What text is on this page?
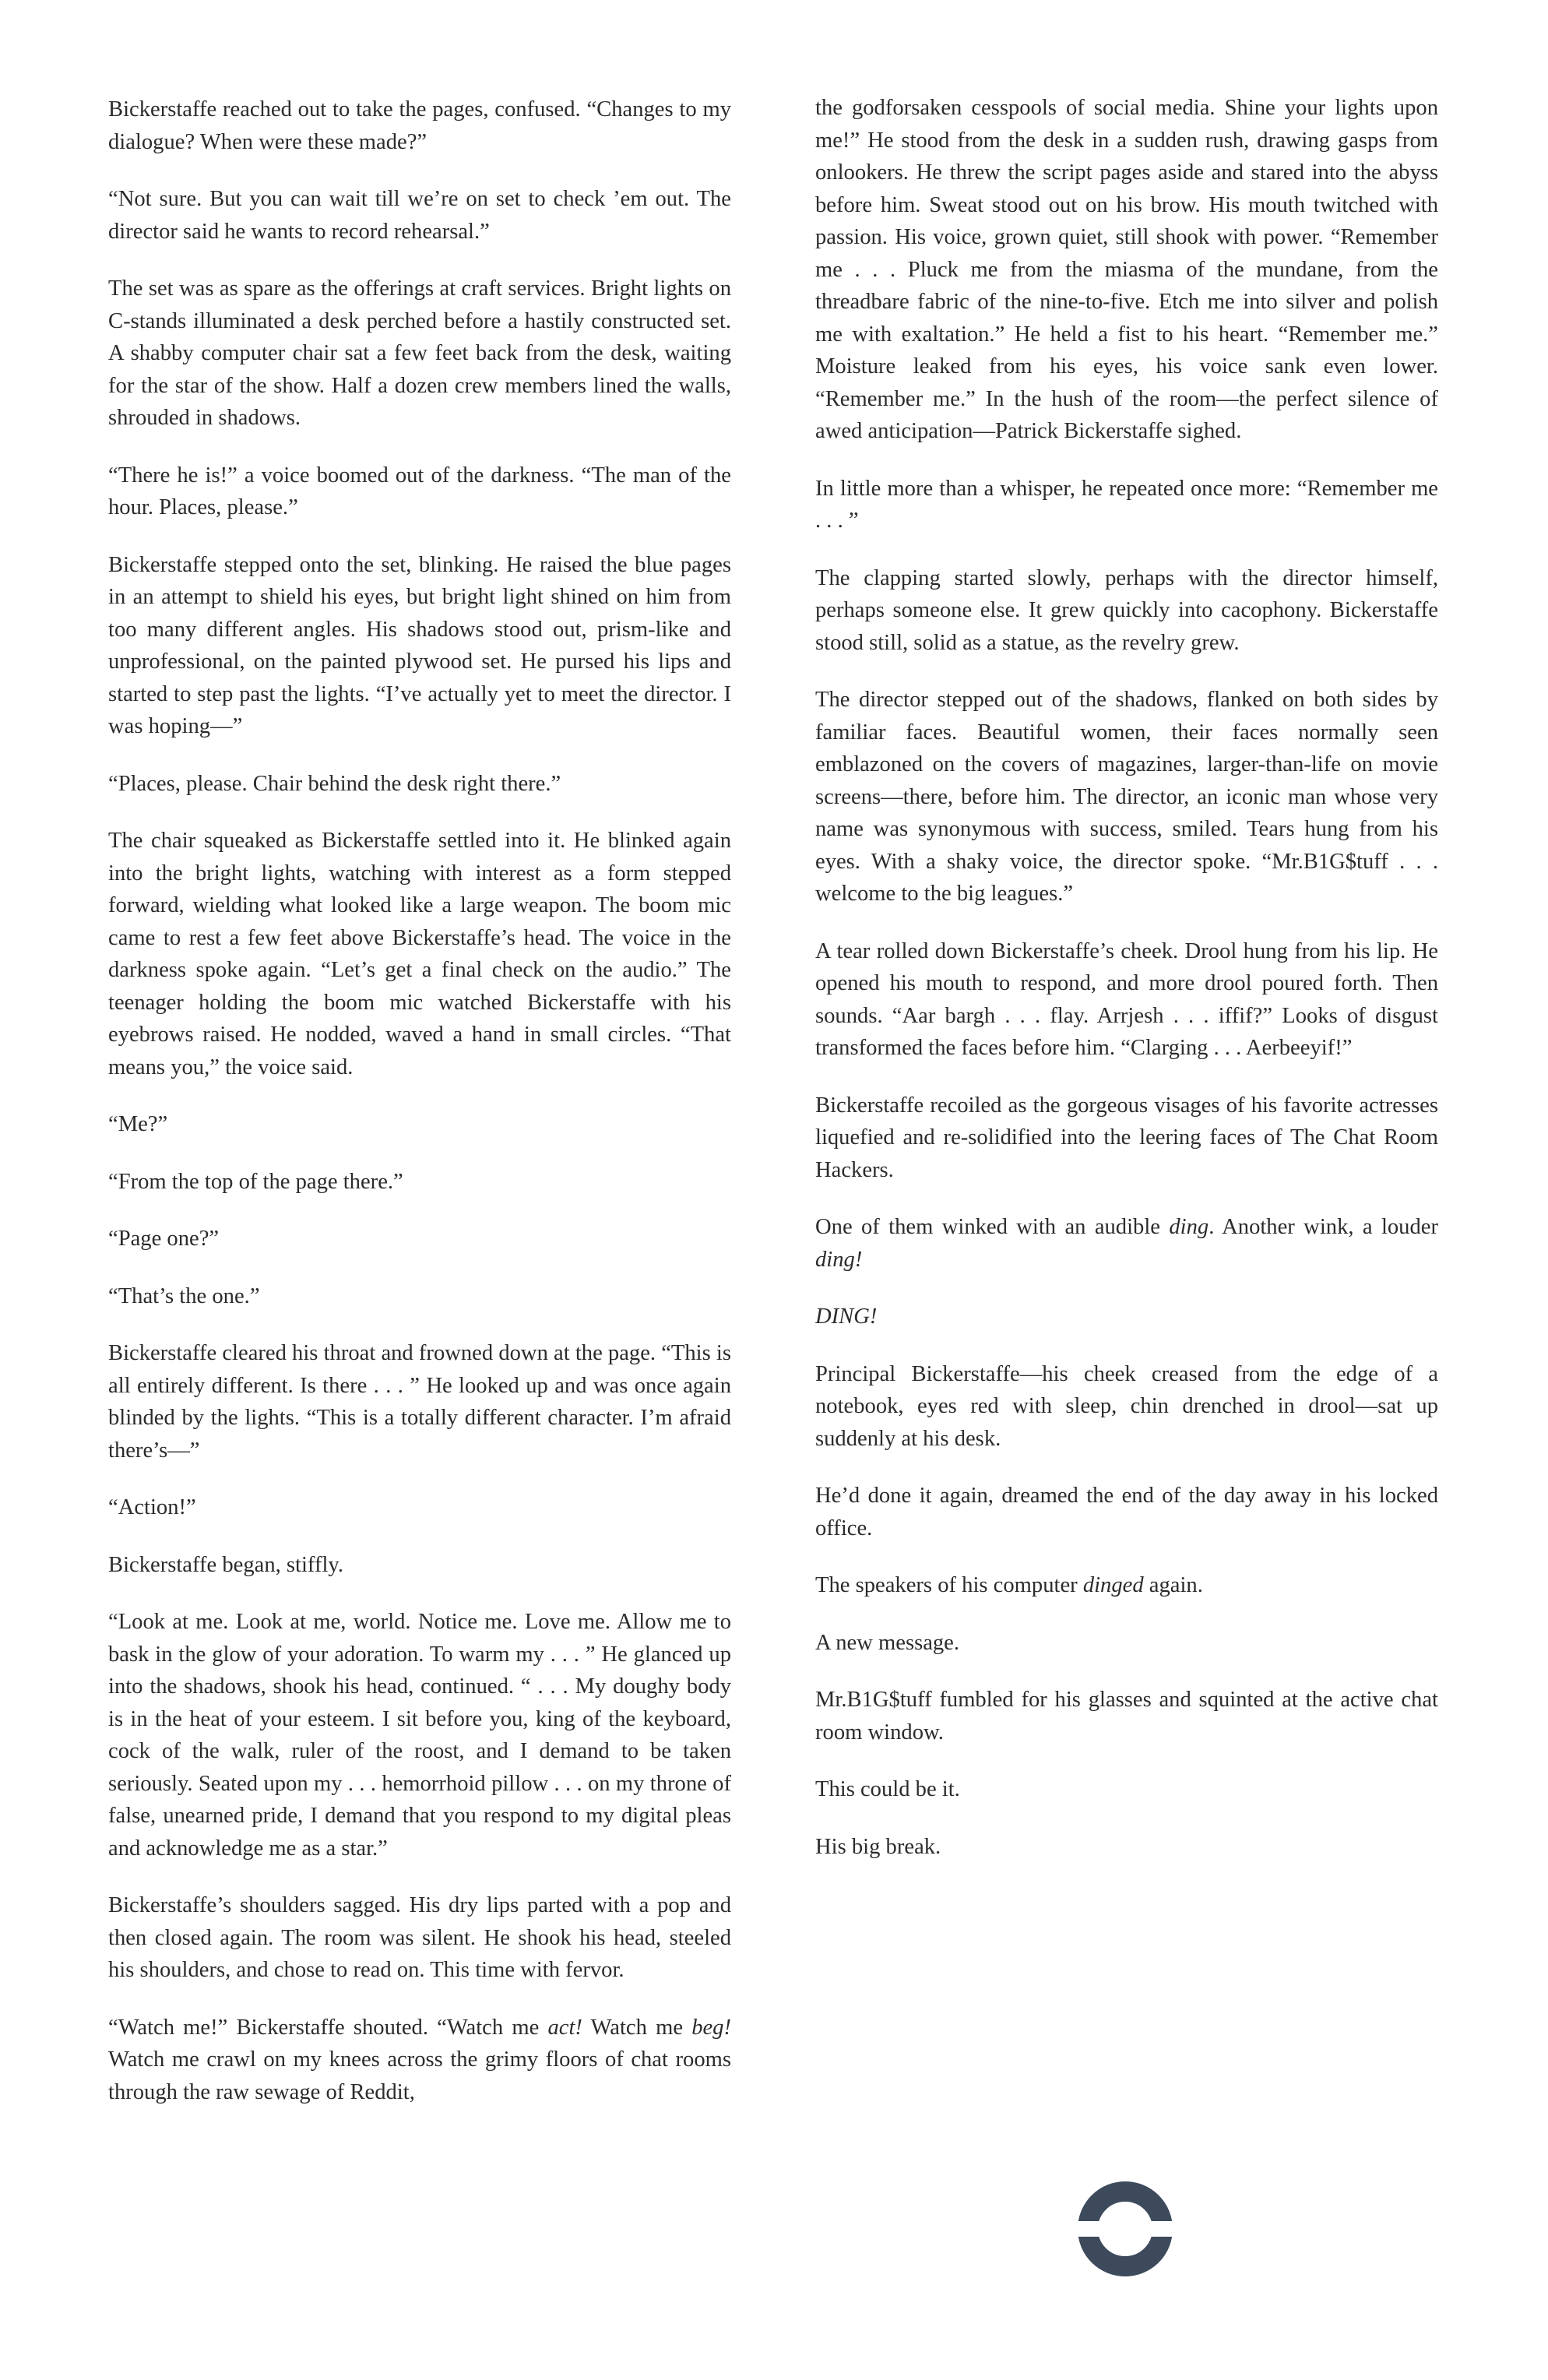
Bickerstaffe reached out to take the pages, confused. “Changes to my dialogue? When were these made?”

“Not sure. But you can wait till we’re on set to check ’em out. The director said he wants to record rehearsal.”

The set was as spare as the offerings at craft services. Bright lights on C-stands illuminated a desk perched before a hastily constructed set. A shabby computer chair sat a few feet back from the desk, waiting for the star of the show. Half a dozen crew members lined the walls, shrouded in shadows.

“There he is!” a voice boomed out of the darkness. “The man of the hour. Places, please.”

Bickerstaffe stepped onto the set, blinking. He raised the blue pages in an attempt to shield his eyes, but bright light shined on him from too many different angles. His shadows stood out, prism-like and unprofessional, on the painted plywood set. He pursed his lips and started to step past the lights. “I’ve actually yet to meet the director. I was hoping—”

“Places, please. Chair behind the desk right there.”

The chair squeaked as Bickerstaffe settled into it. He blinked again into the bright lights, watching with interest as a form stepped forward, wielding what looked like a large weapon. The boom mic came to rest a few feet above Bickerstaffe’s head. The voice in the darkness spoke again. “Let’s get a final check on the audio.” The teenager holding the boom mic watched Bickerstaffe with his eyebrows raised. He nodded, waved a hand in small circles. “That means you,” the voice said.

“Me?”

“From the top of the page there.”

“Page one?”

“That’s the one.”

Bickerstaffe cleared his throat and frowned down at the page. “This is all entirely different. Is there . . . ” He looked up and was once again blinded by the lights. “This is a totally different character. I’m afraid there’s—”

“Action!”

Bickerstaffe began, stiffly.

“Look at me. Look at me, world. Notice me. Love me. Allow me to bask in the glow of your adoration. To warm my . . . ” He glanced up into the shadows, shook his head, continued. “ . . . My doughy body is in the heat of your esteem. I sit before you, king of the keyboard, cock of the walk, ruler of the roost, and I demand to be taken seriously. Seated upon my . . . hemorrhoid pillow . . . on my throne of false, unearned pride, I demand that you respond to my digital pleas and acknowledge me as a star.”

Bickerstaffe’s shoulders sagged. His dry lips parted with a pop and then closed again. The room was silent. He shook his head, steeled his shoulders, and chose to read on. This time with fervor.

“Watch me!” Bickerstaffe shouted. “Watch me act! Watch me beg! Watch me crawl on my knees across the grimy floors of chat rooms through the raw sewage of Reddit,

the godforsaken cesspools of social media. Shine your lights upon me!” He stood from the desk in a sudden rush, drawing gasps from onlookers. He threw the script pages aside and stared into the abyss before him. Sweat stood out on his brow. His mouth twitched with passion. His voice, grown quiet, still shook with power. “Remember me . . . Pluck me from the miasma of the mundane, from the threadbare fabric of the nine-to-five. Etch me into silver and polish me with exaltation.” He held a fist to his heart. “Remember me.” Moisture leaked from his eyes, his voice sank even lower. “Remember me.” In the hush of the room—the perfect silence of awed anticipation—Patrick Bickerstaffe sighed.

In little more than a whisper, he repeated once more: “Remember me . . . ”

The clapping started slowly, perhaps with the director himself, perhaps someone else. It grew quickly into cacophony. Bickerstaffe stood still, solid as a statue, as the revelry grew.

The director stepped out of the shadows, flanked on both sides by familiar faces. Beautiful women, their faces normally seen emblazoned on the covers of magazines, larger-than-life on movie screens—there, before him. The director, an iconic man whose very name was synonymous with success, smiled. Tears hung from his eyes. With a shaky voice, the director spoke. “Mr.B1G$tuff . . . welcome to the big leagues.”

A tear rolled down Bickerstaffe’s cheek. Drool hung from his lip. He opened his mouth to respond, and more drool poured forth. Then sounds. “Aar bargh . . . flay. Arrjesh . . . iffif?” Looks of disgust transformed the faces before him. “Clarging . . . Aerbeeyif!”

Bickerstaffe recoiled as the gorgeous visages of his favorite actresses liquefied and re-solidified into the leering faces of The Chat Room Hackers.

One of them winked with an audible ding. Another wink, a louder ding!

DING!

Principal Bickerstaffe—his cheek creased from the edge of a notebook, eyes red with sleep, chin drenched in drool—sat up suddenly at his desk.

He’d done it again, dreamed the end of the day away in his locked office.

The speakers of his computer dinged again.

A new message.

Mr.B1G$tuff fumbled for his glasses and squinted at the active chat room window.

This could be it.

His big break.
